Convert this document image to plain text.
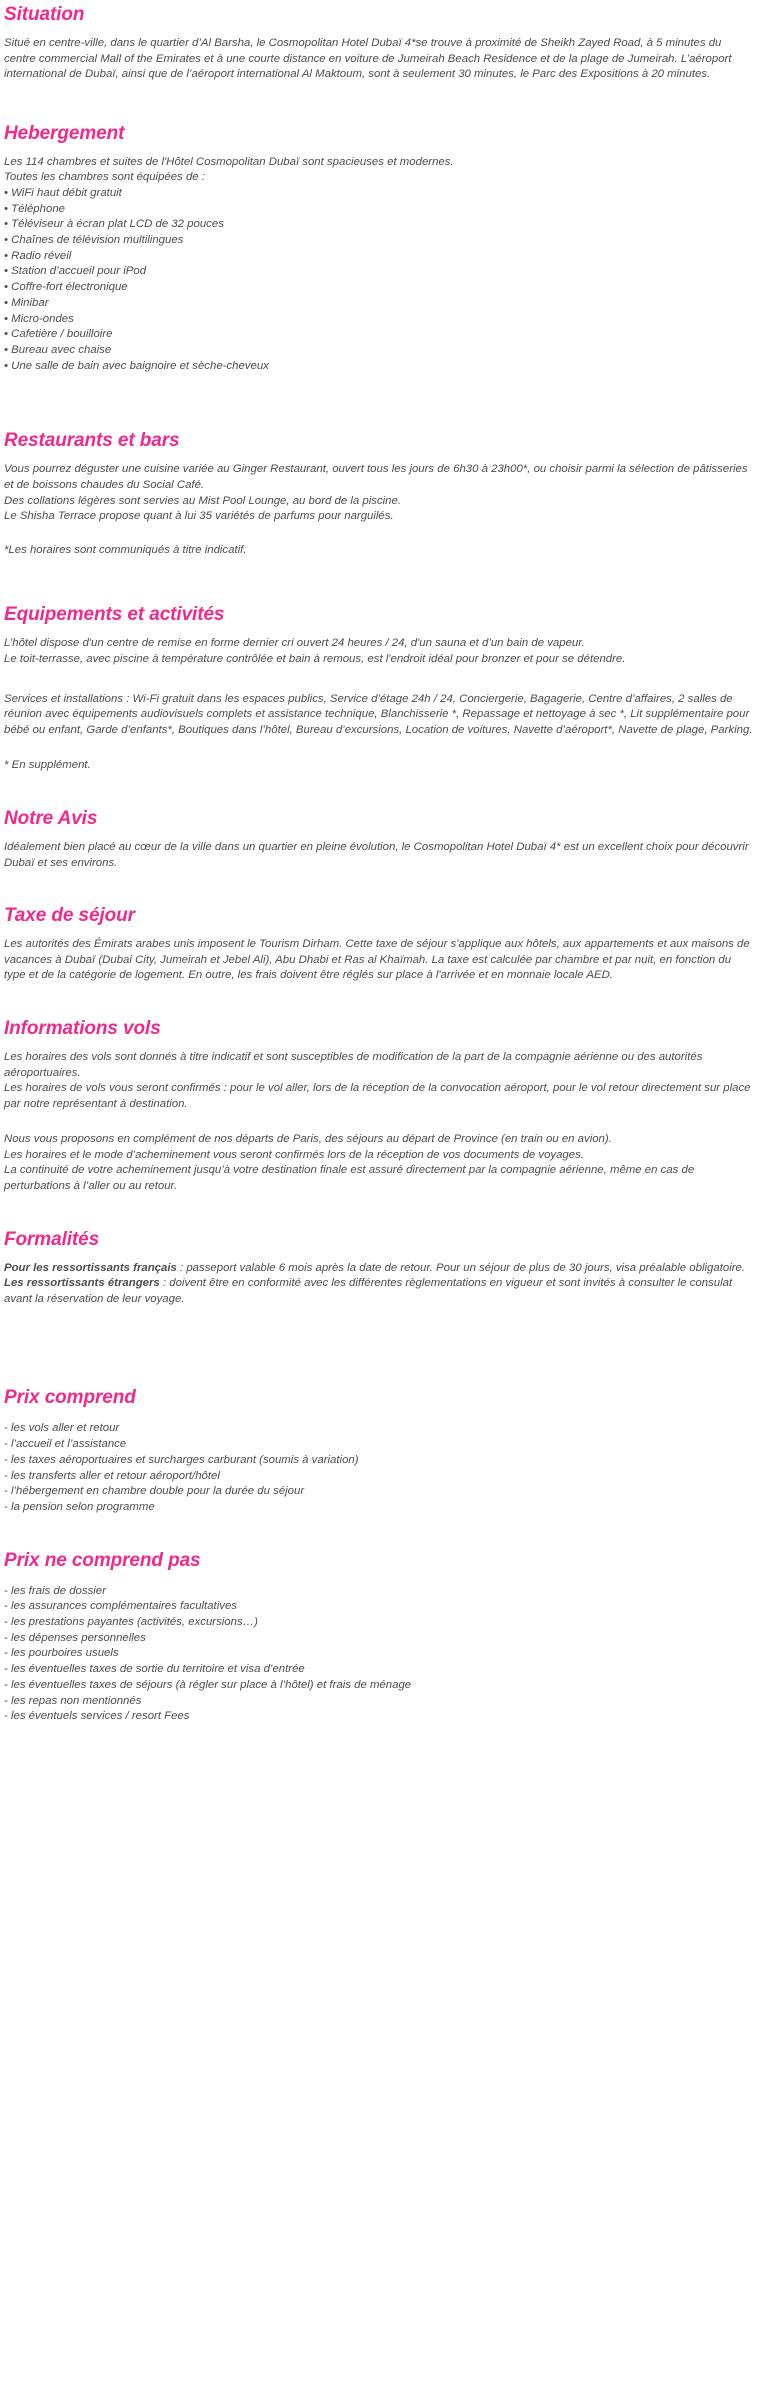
Situation

Situé en centre-ville, dans le quartier d’Al Barsha, le Cosmopolitan Hotel Dubaï 4*se trouve à proximité de Sheikh Zayed Road, à 5 minutes du centre commercial Mall of the Emirates et à une courte distance en voiture de Jumeirah Beach Residence et de la plage de Jumeirah. L’aéroport international de Dubaï, ainsi que de l’aéroport international Al Maktoum, sont à seulement 30 minutes, le Parc des Expositions à 20 minutes.

Hebergement

Les 114 chambres et suites de l'Hôtel Cosmopolitan Dubaï sont spacieuses et modernes.

Toutes les chambres sont équipées de :

• WiFi haut débit gratuit
• Téléphone
• Téléviseur à écran plat LCD de 32 pouces
• Chaînes de télévision multilingues
• Radio réveil
• Station d’accueil pour iPod
• Coffre-fort électronique
• Minibar
• Micro-ondes
• Cafetière / bouilloire
• Bureau avec chaise
• Une salle de bain avec baignoire et sèche-cheveux
Restaurants et bars

Vous pourrez déguster une cuisine variée au Ginger Restaurant, ouvert tous les jours de 6h30 à 23h00*, ou choisir parmi la sélection de pâtisseries et de boissons chaudes du Social Café.

Des collations légères sont servies au Mist Pool Lounge, au bord de la piscine.

Le Shisha Terrace propose quant à lui 35 variétés de parfums pour narguilés.

*Les horaires sont communiqués à titre indicatif.

Equipements et activités

L’hôtel dispose d'un centre de remise en forme dernier cri ouvert 24 heures / 24, d'un sauna et d’un bain de vapeur.

Le toit-terrasse, avec piscine à température contrôlée et bain à remous, est l'endroit idéal pour bronzer et pour se détendre.

Services et installations : Wi-Fi gratuit dans les espaces publics, Service d’étage 24h / 24, Conciergerie, Bagagerie, Centre d’affaires, 2 salles de réunion avec équipements audiovisuels complets et assistance technique, Blanchisserie *, Repassage et nettoyage à sec *, Lit supplémentaire pour bébé ou enfant, Garde d’enfants*, Boutiques dans l’hôtel, Bureau d’excursions, Location de voitures, Navette d’aéroport*, Navette de plage, Parking.

* En supplément.

Notre Avis

Idéalement bien placé au cœur de la ville dans un quartier en pleine évolution, le Cosmopolitan Hotel Dubaï 4* est un excellent choix pour découvrir Dubaï et ses environs.

Taxe de séjour

Les autorités des Émirats arabes unis imposent le Tourism Dirham. Cette taxe de séjour s'applique aux hôtels, aux appartements et aux maisons de vacances à Dubaï (Dubai City, Jumeirah et Jebel Ali), Abu Dhabi et Ras al Khaïmah. La taxe est calculée par chambre et par nuit, en fonction du type et de la catégorie de logement. En outre, les frais doivent être réglés sur place à l'arrivée et en monnaie locale AED.

Informations vols

Les horaires des vols sont donnés à titre indicatif et sont susceptibles de modification de la part de la compagnie aérienne ou des autorités aéroportuaires.

Les horaires de vols vous seront confirmés : pour le vol aller, lors de la réception de la convocation aéroport, pour le vol retour directement sur place par notre représentant à destination.

Nous vous proposons en complément de nos départs de Paris, des séjours au départ de Province (en train ou en avion).

Les horaires et le mode d’acheminement vous seront confirmés lors de la réception de vos documents de voyages.

La continuité de votre acheminement jusqu’à votre destination finale est assuré directement par la compagnie aérienne, même en cas de perturbations à l’aller ou au retour.

Formalités

Pour les ressortissants français : passeport valable 6 mois après la date de retour. Pour un séjour de plus de 30 jours, visa préalable obligatoire.

Les ressortissants étrangers : doivent être en conformité avec les différentes règlementations en vigueur et sont invités à consulter le consulat avant la réservation de leur voyage.

Prix comprend
- les vols aller et retour
- l’accueil et l’assistance
- les taxes aéroportuaires et surcharges carburant (soumis à variation)
- les transferts aller et retour aéroport/hôtel
- l’hébergement en chambre double pour la durée du séjour
- la pension selon programme
Prix ne comprend pas
- les frais de dossier
- les assurances complémentaires facultatives
- les prestations payantes (activités, excursions…)
- les dépenses personnelles
- les pourboires usuels
- les éventuelles taxes de sortie du territoire et visa d’entrée
- les éventuelles taxes de séjours (à régler sur place à l’hôtel) et frais de ménage
- les repas non mentionnés
- les éventuels services / resort Fees
